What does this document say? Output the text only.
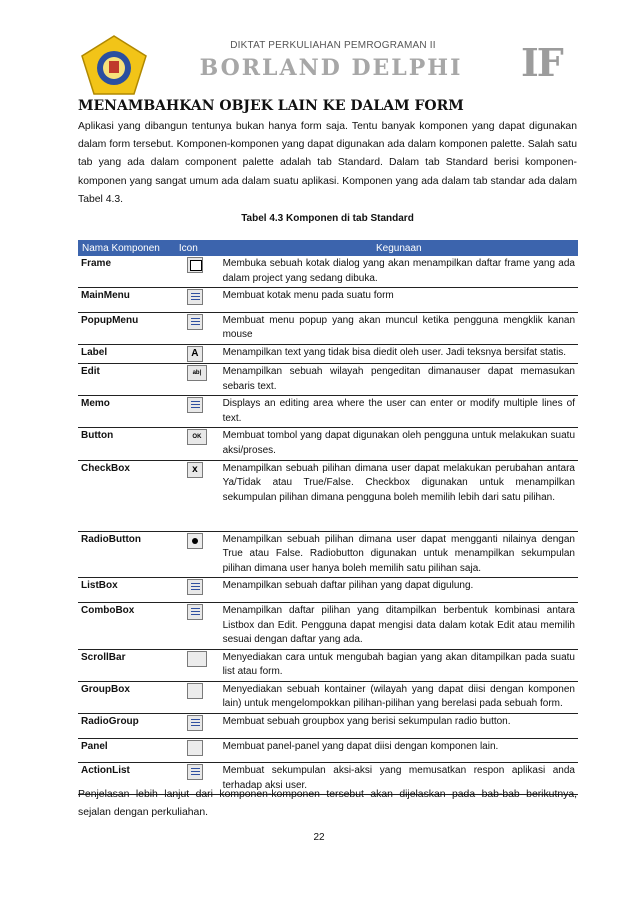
DIKTAT PERKULIAHAN PEMROGRAMAN II
BORLAND DELPHI	IF
MENAMBAHKAN OBJEK LAIN KE DALAM FORM
Aplikasi yang dibangun tentunya bukan hanya form saja. Tentu banyak komponen yang dapat digunakan dalam form tersebut. Komponen-komponen yang dapat digunakan ada dalam komponen palette. Salah satu tab yang ada dalam component palette adalah tab Standard. Dalam tab Standard berisi komponen-komponen yang sangat umum ada dalam suatu aplikasi. Komponen yang ada dalam tab standar ada dalam Tabel 4.3.
Tabel 4.3 Komponen di tab Standard
Nama Komponen	Icon	Kegunaan
Frame		Membuka sebuah kotak dialog yang akan menampilkan daftar frame yang ada dalam project yang sedang dibuka.
MainMenu		Membuat kotak menu pada suatu form
PopupMenu		Membuat menu popup yang akan muncul ketika pengguna mengklik kanan mouse
Label	A	Menampilkan text yang tidak bisa diedit oleh user. Jadi teksnya bersifat statis.
Edit	ab|	Menampilkan sebuah wilayah pengeditan dimanauser dapat memasukan sebaris text.
Memo		Displays an editing area where the user can enter or modify multiple lines of text.
Button	OK	Membuat tombol yang dapat digunakan oleh pengguna untuk melakukan suatu aksi/proses.
CheckBox	x	Menampilkan sebuah pilihan dimana user dapat melakukan perubahan antara Ya/Tidak atau True/False. Checkbox digunakan untuk menampilkan sekumpulan pilihan dimana pengguna boleh memilih lebih dari satu pilihan.
RadioButton		Menampilkan sebuah pilihan dimana user dapat mengganti nilainya dengan True atau False. Radiobutton digunakan untuk menampilkan sekumpulan pilihan dimana user hanya boleh memilih satu pilihan saja.
ListBox		Menampilkan sebuah daftar pilihan yang dapat digulung.
ComboBox		Menampilkan daftar pilihan yang ditampilkan berbentuk kombinasi antara Listbox dan Edit. Pengguna dapat mengisi data dalam kotak Edit atau memilih sesuai dengan daftar yang ada.
ScrollBar		Menyediakan cara untuk mengubah bagian yang akan ditampilkan pada suatu list atau form.
GroupBox		Menyediakan sebuah kontainer (wilayah yang dapat diisi dengan komponen lain) untuk mengelompokkan pilihan-pilihan yang berelasi pada sebuah form.
RadioGroup		Membuat sebuah groupbox yang berisi sekumpulan radio button.
Panel		Membuat panel-panel yang dapat diisi dengan komponen lain.
ActionList		Membuat sekumpulan aksi-aksi yang memusatkan respon aplikasi anda terhadap aksi user.
Penjelasan lebih lanjut dari komponen-komponen tersebut akan dijelaskan pada bab-bab berikutnya, sejalan dengan perkuliahan.
22
